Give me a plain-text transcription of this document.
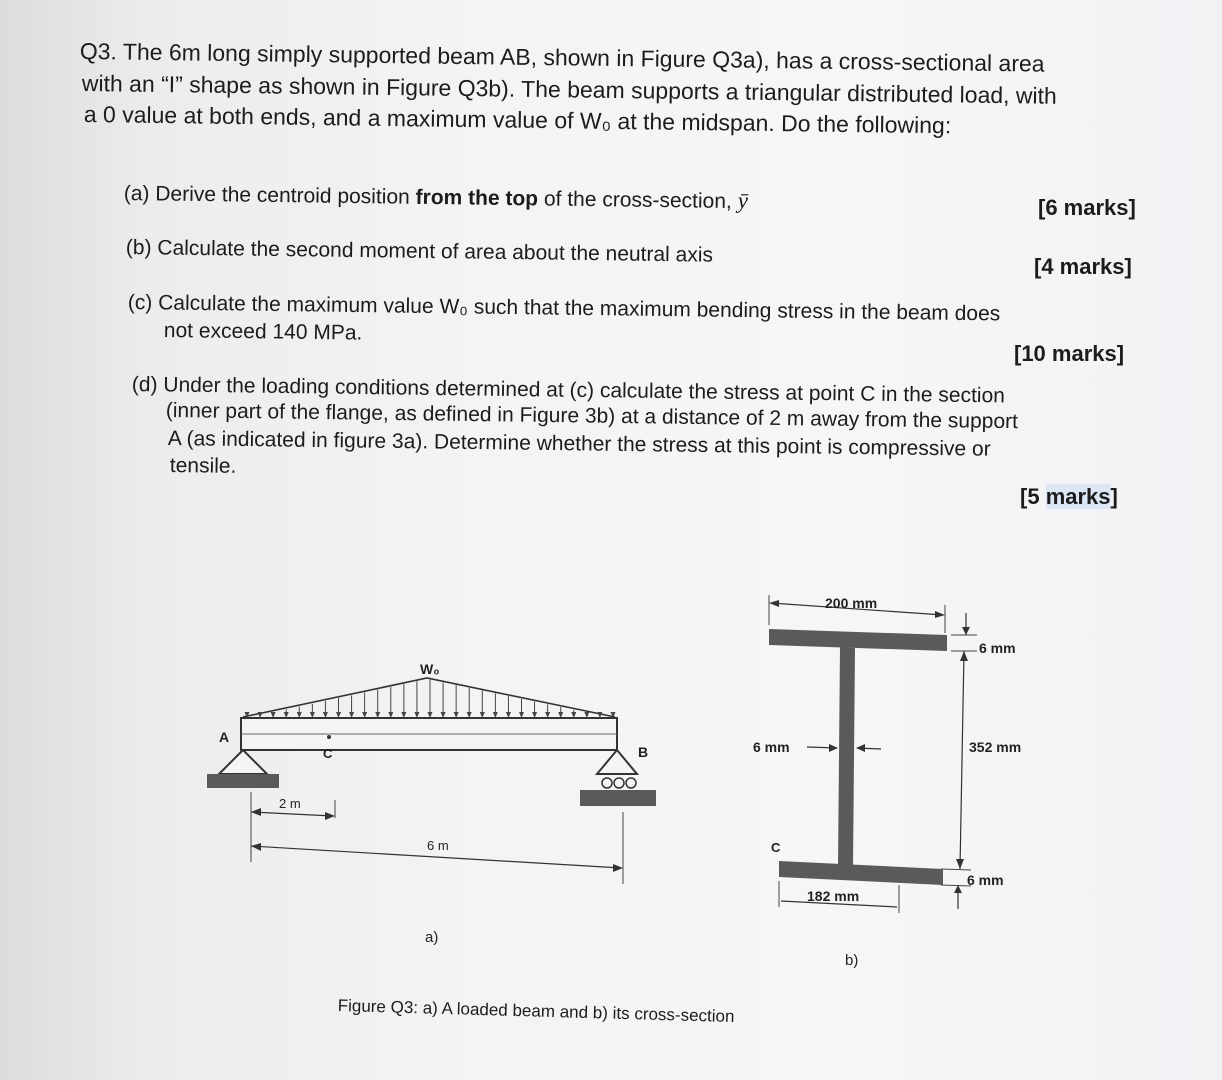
Q3. The 6m long simply supported beam AB, shown in Figure Q3a), has a cross-sectional area
with an “I” shape as shown in Figure Q3b). The beam supports a triangular distributed load, with
a 0 value at both ends, and a maximum value of W₀ at the midspan. Do the following:
(a) Derive the centroid position from the top of the cross-section, ȳ	[6 marks]
(b) Calculate the second moment of area about the neutral axis	[4 marks]
(c) Calculate the maximum value W₀ such that the maximum bending stress in the beam does
not exceed 140 MPa.
[10 marks]
(d) Under the loading conditions determined at (c) calculate the stress at point C in the section
(inner part of the flange, as defined in Figure 3b) at a distance of 2 m away from the support
A (as indicated in figure 3a). Determine whether the stress at this point is compressive or
tensile.
[5 marks]
W₀
A
C	B
2 m
6 m
a)
200 mm
6 mm
352 mm
6 mm
6 mm
C
182 mm
b)
Figure Q3: a) A loaded beam and b) its cross-section
